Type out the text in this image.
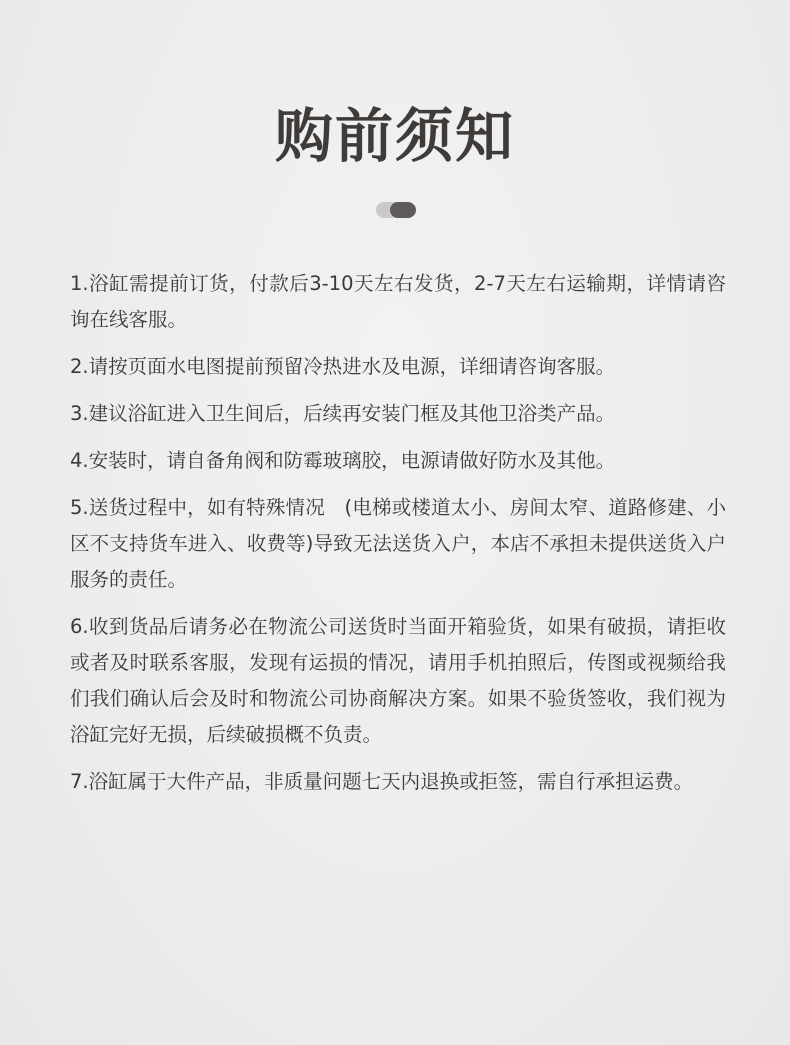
购前须知

1.浴缸需提前订货，付款后3-10天左右发货，2-7天左右运输期，详情请咨询在线客服。

2.请按页面水电图提前预留冷热进水及电源，详细请咨询客服。

3.建议浴缸进入卫生间后，后续再安装门框及其他卫浴类产品。

4.安装时，请自备角阀和防霉玻璃胶，电源请做好防水及其他。

5.送货过程中，如有特殊情况　(电梯或楼道太小、房间太窄、道路修建、小区不支持货车进入、收费等)导致无法送货入户，本店不承担未提供送货入户服务的责任。

6.收到货品后请务必在物流公司送货时当面开箱验货，如果有破损，请拒收或者及时联系客服，发现有运损的情况，请用手机拍照后，传图或视频给我们我们确认后会及时和物流公司协商解决方案。如果不验货签收，我们视为浴缸完好无损，后续破损概不负责。

7.浴缸属于大件产品，非质量问题七天内退换或拒签，需自行承担运费。
